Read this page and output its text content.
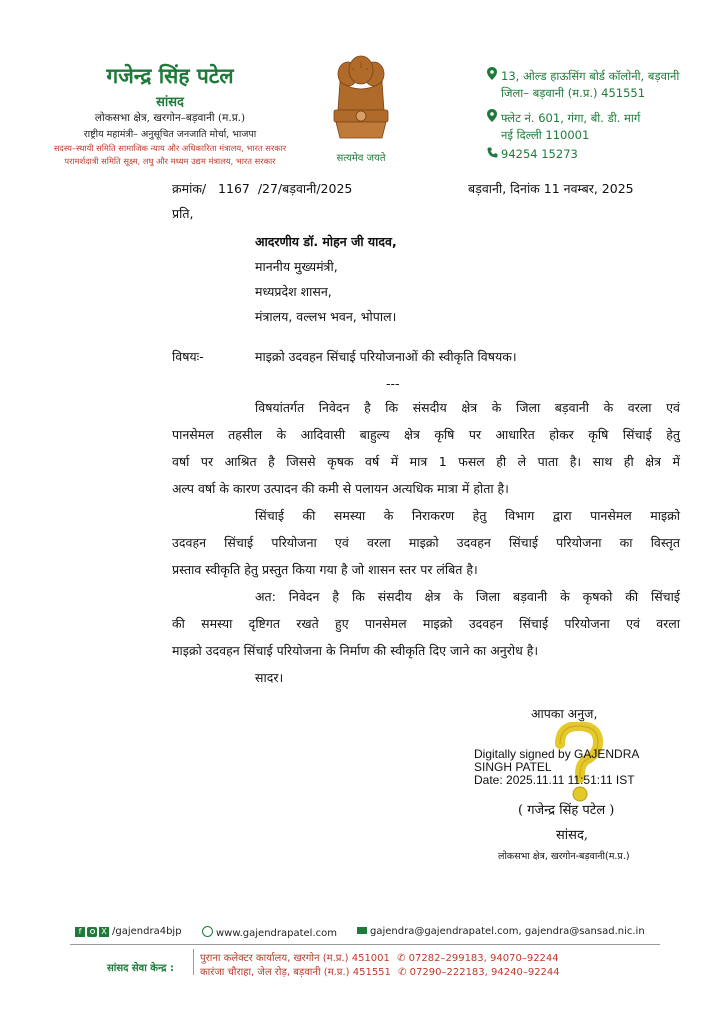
गजेन्द्र सिंह पटेल
सांसद
लोकसभा क्षेत्र, खरगोन–बड़वानी (म.प्र.)
राष्ट्रीय महामंत्री– अनुसूचित जनजाति मोर्चा, भाजपा
सदस्य–स्थायी समिति सामाजिक न्याय और अधिकारिता मंत्रालय, भारत सरकार
परामर्शदात्री समिति सूक्ष्म, लघु और मध्यम उद्यम मंत्रालय, भारत सरकार	सत्यमेव जयते
13, ओल्ड हाऊसिंग बोर्ड कॉलोनी, बड़वानी
जिला– बड़वानी (म.प्र.) 451551
फ्लेट नं. 601, गंगा, बी. डी. मार्ग
नई दिल्ली 110001
94254 15273
क्रमांक/ 1167 /27/बड़वानी/2025	बड़वानी, दिनांक 11 नवम्बर, 2025
प्रति,
आदरणीय डॉ. मोहन जी यादव,
माननीय मुख्यमंत्री,
मध्यप्रदेश शासन,
मंत्रालय, वल्लभ भवन, भोपाल।
विषयः-	माइक्रो उदवहन सिंचाई परियोजनाओं की स्वीकृति विषयक।
---
विषयांतर्गत निवेदन है कि संसदीय क्षेत्र के जिला बड़वानी के वरला एवं
पानसेमल तहसील के आदिवासी बाहुल्य क्षेत्र कृषि पर आधारित होकर कृषि सिंचाई हेतु
वर्षा पर आश्रित है जिससे कृषक वर्ष में मात्र 1 फसल ही ले पाता है। साथ ही क्षेत्र में
अल्प वर्षा के कारण उत्पादन की कमी से पलायन अत्यधिक मात्रा में होता है।
सिंचाई की समस्या के निराकरण हेतु विभाग द्वारा पानसेमल माइक्रो
उदवहन सिंचाई परियोजना एवं वरला माइक्रो उदवहन सिंचाई परियोजना का विस्तृत
प्रस्ताव स्वीकृति हेतु प्रस्तुत किया गया है जो शासन स्तर पर लंबित है।
अत: निवेदन है कि संसदीय क्षेत्र के जिला बड़वानी के कृषको की सिंचाई
की समस्या दृष्टिगत रखते हुए पानसेमल माइक्रो उदवहन सिंचाई परियोजना एवं वरला
माइक्रो उदवहन सिंचाई परियोजना के निर्माण की स्वीकृति दिए जाने का अनुरोध है।
सादर।
आपका अनुज,
Digitally signed by GAJENDRA
SINGH PATEL
Date: 2025.11.11 11:51:11 IST
( गजेन्द्र सिंह पटेल )
सांसद,
लोकसभा क्षेत्र, खरगोन-बड़वानी(म.प्र.)
f	X /gajendra4bjp	www.gajendrapatel.com	gajendra@gajendrapatel.com, gajendra@sansad.nic.in
सांसद सेवा केन्द्र :
पुराना कलेक्टर कार्यालय, खरगोन (म.प्र.) 451001 ✆ 07282–299183, 94070–92244
कारंजा चौराहा, जेल रोड़, बड़वानी (म.प्र.) 451551 ✆ 07290–222183, 94240–92244
